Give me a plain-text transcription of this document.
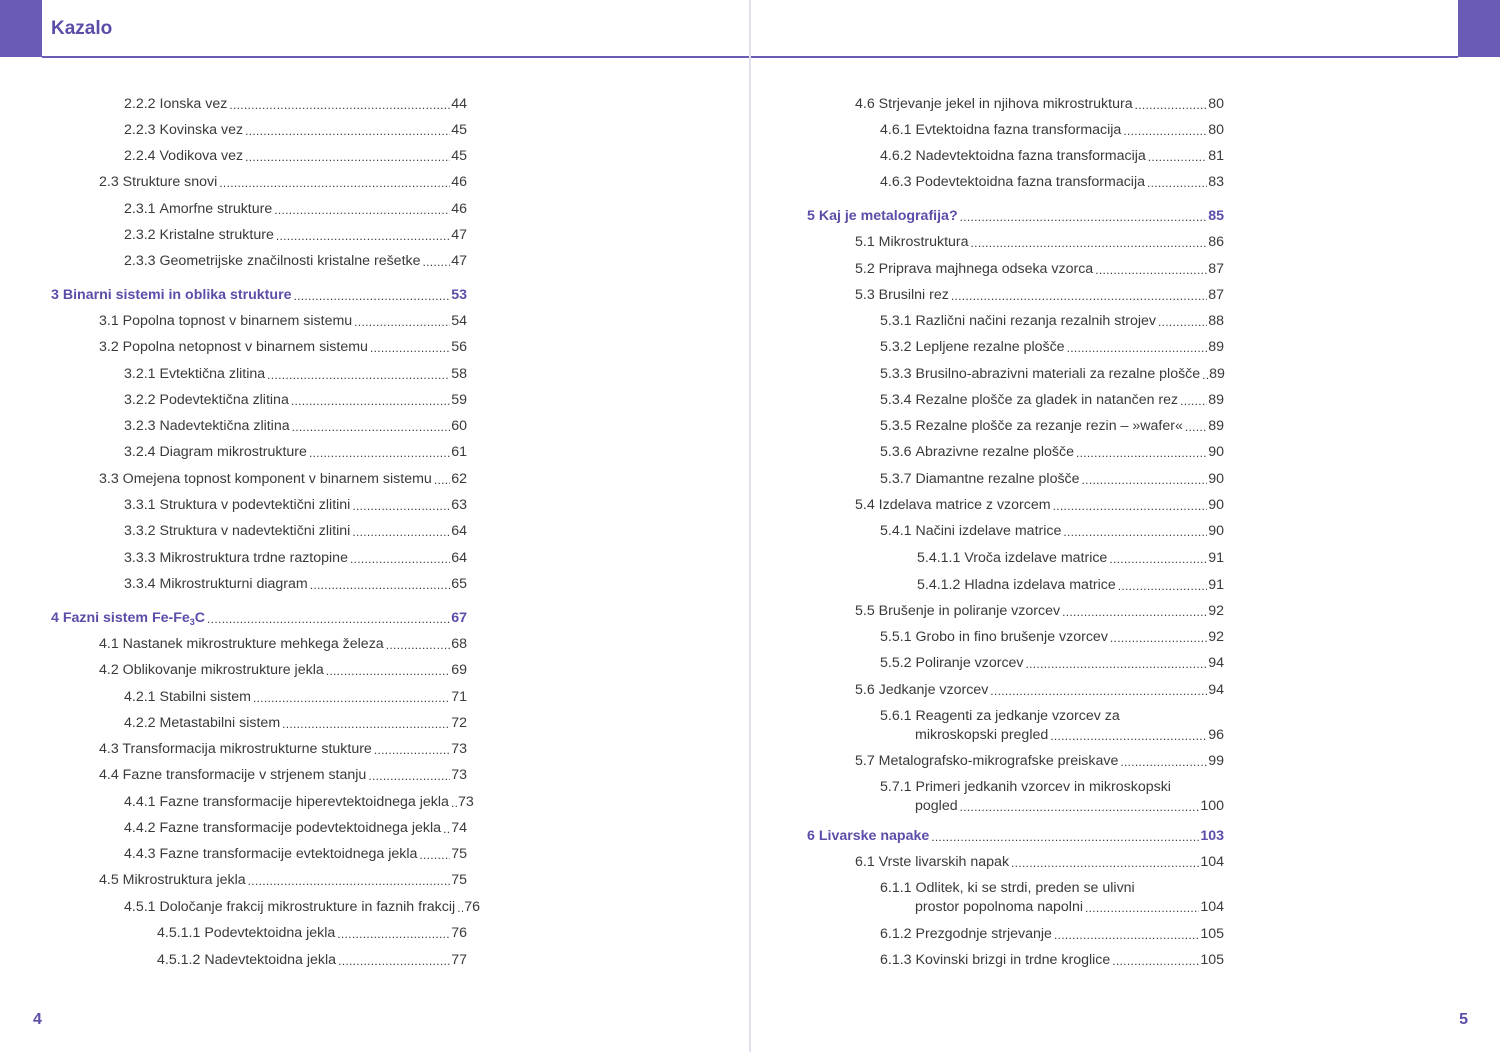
Kazalo
2.2.2 Ionska vez .....	44
2.2.3 Kovinska vez .....	45
2.2.4 Vodikova vez .....	45
2.3 Strukture snovi .....	46
2.3.1 Amorfne strukture .....	46
2.3.2 Kristalne strukture .....	47
2.3.3 Geometrijske značilnosti kristalne rešetke ..... 47
3 Binarni sistemi in oblika strukture .....	53
3.1 Popolna topnost v binarnem sistemu .....	54
3.2 Popolna netopnost v binarnem sistemu .....	56
3.2.1 Evtektična zlitina .....	58
3.2.2 Podevtektična zlitina .....	59
3.2.3 Nadevtektična zlitina .....	60
3.2.4 Diagram mikrostrukture .....	61
3.3 Omejena topnost komponent v binarnem sistemu ..... 62
3.3.1 Struktura v podevtektični zlitini .....	63
3.3.2 Struktura v nadevtektični zlitini .....	64
3.3.3 Mikrostruktura trdne raztopine .....	64
3.3.4 Mikrostrukturni diagram .....	65
4 Fazni sistem $Fe-Fe_3C$ .....	67
4.1 Nastanek mikrostrukture mehkega železa .....	68
4.2 Oblikovanje mikrostrukture jekla .....	69
4.2.1 Stabilni sistem .....	71
4.2.2 Metastabilni sistem .....	72
4.3 Transformacija mikrostrukturne stukture .....	73
4.4 Fazne transformacije v strjenem stanju .....	73
4.4.1 Fazne transformacije hiperevtektoidnega jekla ..... 73
4.4.2 Fazne transformacije podevtektoidnega jekla ..... 74
4.4.3 Fazne transformacije evtektoidnega jekla ..... 75
4.5 Mikrostruktura jekla .....	75
4.5.1 Določanje frakcij mikrostrukture in faznih frakcij ..... 76
4.5.1.1 Podevtektoidna jekla .....	76
4.5.1.2 Nadevtektoidna jekla .....	77
4.6 Strjevanje jekel in njihova mikrostruktura .....	80
4.6.1 Evtektoidna fazna transformacija .....	80
4.6.2 Nadevtektoidna fazna transformacija .....	81
4.6.3 Podevtektoidna fazna transformacija .....	83
5 Kaj je metalografija? .....	85
5.1 Mikrostruktura .....	86
5.2 Priprava majhnega odseka vzorca .....	87
5.3 Brusilni rez .....	87
5.3.1 Različni načini rezanja rezalnih strojev .....	88
5.3.2 Lepljene rezalne plošče .....	89
5.3.3 Brusilno-abrazivni materiali za rezalne plošče ..... 89
5.3.4 Rezalne plošče za gladek in natančen rez ..... 89
5.3.5 Rezalne plošče za rezanje rezin – »wafer« ..... 89
5.3.6 Abrazivne rezalne plošče .....	90
5.3.7 Diamantne rezalne plošče .....	90
5.4 Izdelava matrice z vzorcem .....	90
5.4.1 Načini izdelave matrice .....	90
5.4.1.1 Vroča izdelave matrice .....	91
5.4.1.2 Hladna izdelava matrice .....	91
5.5 Brušenje in poliranje vzorcev .....	92
5.5.1 Grobo in fino brušenje vzorcev .....	92
5.5.2 Poliranje vzorcev .....	94
5.6 Jedkanje vzorcev .....	94
5.6.1 Reagenti za jedkanje vzorcev za
mikroskopski pregled .....	96
5.7 Metalografsko-mikrografske preiskave .....	99
5.7.1 Primeri jedkanih vzorcev in mikroskopski
pogled .....	100
6 Livarske napake .....	103
6.1 Vrste livarskih napak .....	104
6.1.1 Odlitek, ki se strdi, preden se ulivni
prostor popolnoma napolni .....	104
6.1.2 Prezgodnje strjevanje .....	105
6.1.3 Kovinski brizgi in trdne kroglice .....	105
4	5
